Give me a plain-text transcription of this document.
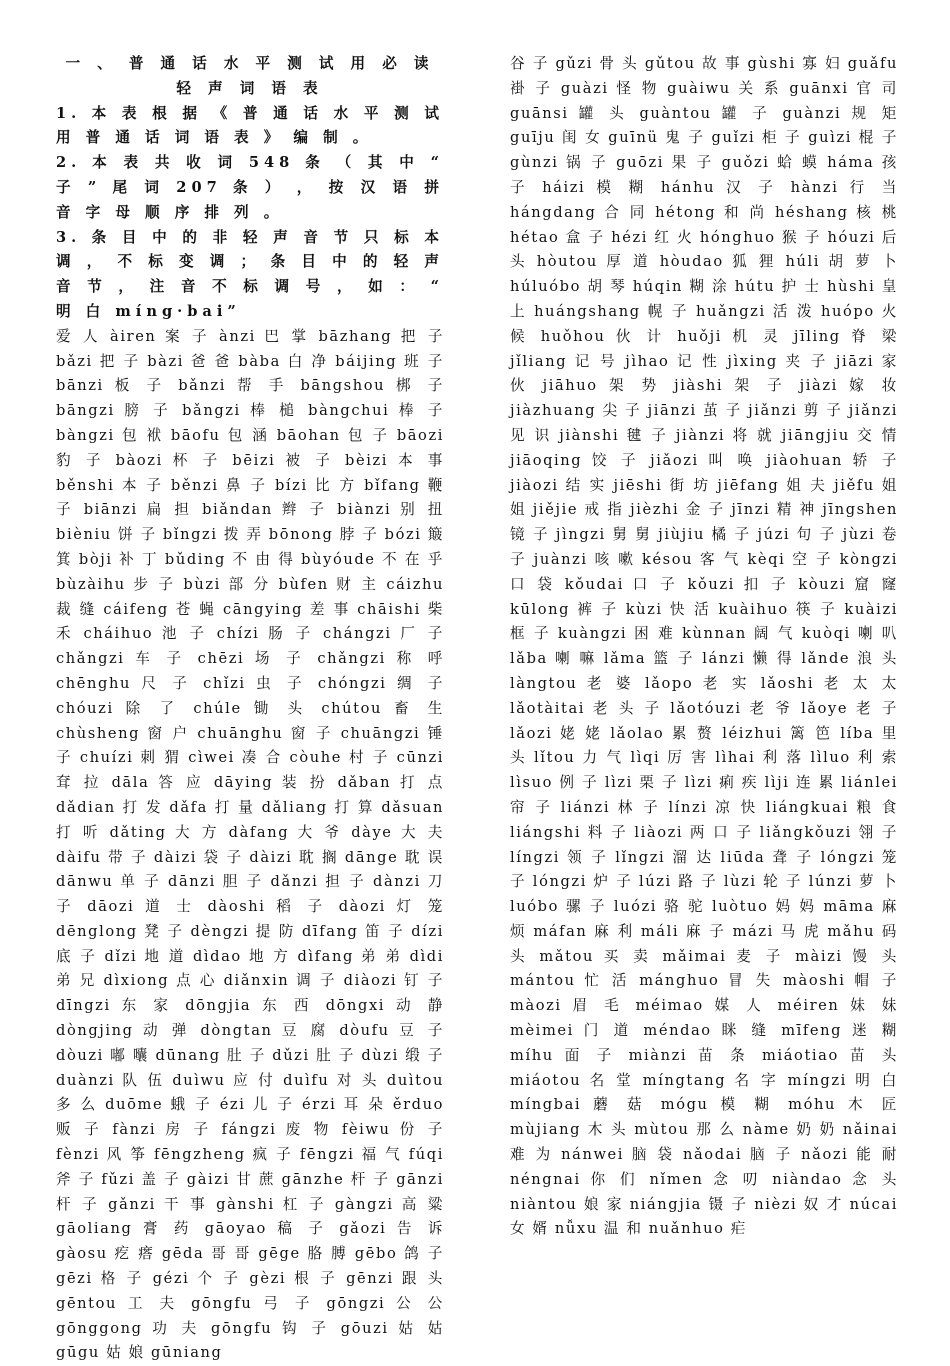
一 、 普 通 话 水 平 测 试 用 必 读 轻 声 词 语 表
1. 本 表 根 据 《 普 通 话 水 平 测 试 用 普 通 话 词 语 表 》 编 制 。
2. 本 表 共 收 词 548 条 （ 其 中 “ 子 ” 尾 词 207 条 ） ， 按 汉 语 拼 音 字 母 顺 序 排 列 。
3. 条 目 中 的 非 轻 声 音 节 只 标 本 调 ， 不 标 变 调 ； 条 目 中 的 轻 声 音 节 ， 注 音 不 标 调 号 ， 如 ： “ 明 白 míng·bai”
爱 人 àiren 案 子 ànzi 巴 掌 bāzhang 把 子 bǎzi 把 子 bàzi 爸 爸 bàba 白 净 báijing 班 子 bānzi 板 子 bǎnzi 帮 手 bāngshou 梆 子 bāngzi 膀 子 bǎngzi 棒 槌 bàngchui 棒 子 bàngzi 包 袱 bāofu 包 涵 bāohan 包 子 bāozi 豹 子 bàozi 杯 子 bēizi 被 子 bèizi 本 事 běnshi 本 子 běnzi 鼻 子 bízi 比 方 bǐfang 鞭 子 biānzi 扁 担 biǎndan 辫 子 biànzi 别 扭 bièniu 饼 子 bǐngzi 拨 弄 bōnong 脖 子 bózi 簸 箕 bòji 补 丁 bǔding 不 由 得 bùyóude 不 在 乎 bùzàihu 步 子 bùzi 部 分 bùfen 财 主 cáizhu 裁 缝 cáifeng 苍 蝇 cāngying 差 事 chāishi 柴 禾 cháihuo 池 子 chízi 肠 子 chángzi 厂 子 chǎngzi 车 子 chēzi 场 子 chǎngzi 称 呼 chēnghu 尺 子 chǐzi 虫 子 chóngzi 绸 子 chóuzi 除 了 chúle 锄 头 chútou 畜 生 chùsheng 窗 户 chuānghu 窗 子 chuāngzi 锤 子 chuízi 刺 猬 cìwei 凑 合 còuhe 村 子 cūnzi 耷 拉 dāla 答 应 dāying 装 扮 dǎban 打 点 dǎdian 打 发 dǎfa 打 量 dǎliang 打 算 dǎsuan 打 听 dǎting 大 方 dàfang 大 爷 dàye 大 夫 dàifu 带 子 dàizi 袋 子 dàizi 耽 搁 dānge 耽 误 dānwu 单 子 dānzi 胆 子 dǎnzi 担 子 dànzi 刀 子 dāozi 道 士 dàoshi 稻 子 dàozi 灯 笼 dēnglong 凳 子 dèngzi 提 防 dīfang 笛 子 dízi 底 子 dǐzi 地 道 dìdao 地 方 dìfang 弟 弟 dìdi 弟 兄 dìxiong 点 心 diǎnxin 调 子 diàozi 钉 子 dīngzi 东 家 dōngjia 东 西 dōngxi 动 静 dòngjing 动 弹 dòngtan 豆 腐 dòufu 豆 子 dòuzi 嘟 囔 dūnang 肚 子 dǔzi 肚 子 dùzi 缎 子 duànzi 队 伍 duìwu 应 付 duìfu 对 头 duìtou 多 么 duōme 蛾 子 ézi 儿 子 érzi 耳 朵 ěrduo 贩 子 fànzi 房 子 fángzi 废 物 fèiwu 份 子 fènzi 风 筝 fēngzheng 疯 子 fēngzi 福 气 fúqi 斧 子 fǔzi 盖 子 gàizi 甘 蔗 gānzhe 杆 子 gānzi 杆 子 gǎnzi 干 事 gànshi 杠 子 gàngzi 高 粱 gāoliang 膏 药 gāoyao 稿 子 gǎozi 告 诉 gàosu 疙 瘩 gēda 哥 哥 gēge 胳 膊 gēbo 鸽 子 gēzi 格 子 gézi 个 子 gèzi 根 子 gēnzi 跟 头 gēntou 工 夫 gōngfu 弓 子 gōngzi 公 公 gōnggong 功 夫 gōngfu 钩 子 gōuzi 姑 姑 gūgu 姑 娘 gūniang
谷 子 gǔzi 骨 头 gǔtou 故 事 gùshi 寡 妇 guǎfu 褂 子 guàzi 怪 物 guàiwu 关 系 guānxi 官 司 guānsi 罐 头 guàntou 罐 子 guànzi 规 矩 guīju 闺 女 guīnü 鬼 子 guǐzi 柜 子 guìzi 棍 子 gùnzi 锅 子 guōzi 果 子 guǒzi 蛤 蟆 háma 孩 子 háizi 模 糊 hánhu 汉 子 hànzi 行 当 hángdang 合 同 hétong 和 尚 héshang 核 桃 hétao 盒 子 hézi 红 火 hónghuo 猴 子 hóuzi 后 头 hòutou 厚 道 hòudao 狐 狸 húli 胡 萝 卜 húluóbo 胡 琴 húqin 糊 涂 hútu 护 士 hùshi 皇 上 huángshang 幌 子 huǎngzi 活 泼 huópo 火 候 huǒhou 伙 计 huǒji 机 灵 jīling 脊 梁 jǐliang 记 号 jìhao 记 性 jìxing 夹 子 jiāzi 家 伙 jiāhuo 架 势 jiàshi 架 子 jiàzi 嫁 妆 jiàzhuang 尖 子 jiānzi 茧 子 jiǎnzi 剪 子 jiǎnzi 见 识 jiànshi 毽 子 jiànzi 将 就 jiāngjiu 交 情 jiāoqing 饺 子 jiǎozi 叫 唤 jiàohuan 轿 子 jiàozi 结 实 jiēshi 街 坊 jiēfang 姐 夫 jiěfu 姐 姐 jiějie 戒 指 jièzhi 金 子 jīnzi 精 神 jīngshen 镜 子 jìngzi 舅 舅 jiùjiu 橘 子 júzi 句 子 jùzi 卷 子 juànzi 咳 嗽 késou 客 气 kèqi 空 子 kòngzi 口 袋 kǒudai 口 子 kǒuzi 扣 子 kòuzi 窟 窿 kūlong 裤 子 kùzi 快 活 kuàihuo 筷 子 kuàizi 框 子 kuàngzi 困 难 kùnnan 阔 气 kuòqi 喇 叭 lǎba 喇 嘛 lǎma 篮 子 lánzi 懒 得 lǎnde 浪 头 làngtou 老 婆 lǎopo 老 实 lǎoshi 老 太 太 lǎotàitai 老 头 子 lǎotóuzi 老 爷 lǎoye 老 子 lǎozi 姥 姥 lǎolao 累 赘 léizhui 篱 笆 líba 里 头 lǐtou 力 气 lìqi 厉 害 lìhai 利 落 lìluo 利 索 lìsuo 例 子 lìzi 栗 子 lìzi 痢 疾 lìji 连 累 liánlei 帘 子 liánzi 林 子 línzi 凉 快 liángkuai 粮 食 liángshi 料 子 liàozi 两 口 子 liǎngkǒuzi 翎 子 língzi 领 子 lǐngzi 溜 达 liūda 聋 子 lóngzi 笼 子 lóngzi 炉 子 lúzi 路 子 lùzi 轮 子 lúnzi 萝 卜 luóbo 骡 子 luózi 骆 驼 luòtuo 妈 妈 māma 麻 烦 máfan 麻 利 máli 麻 子 mázi 马 虎 mǎhu 码 头 mǎtou 买 卖 mǎimai 麦 子 màizi 馒 头 mántou 忙 活 mánghuo 冒 失 màoshi 帽 子 màozi 眉 毛 méimao 媒 人 méiren 妹 妹 mèimei 门 道 méndao 眯 缝 mīfeng 迷 糊 míhu 面 子 miànzi 苗 条 miáotiao 苗 头 miáotou 名 堂 míngtang 名 字 míngzi 明 白 míngbai 蘑 菇 mógu 模 糊 móhu 木 匠 mùjiang 木 头 mùtou 那 么 nàme 奶 奶 nǎinai 难 为 nánwei 脑 袋 nǎodai 脑 子 nǎozi 能 耐 néngnai 你 们 nǐmen 念 叨 niàndao 念 头 niàntou 娘 家 niángjia 镊 子 nièzi 奴 才 núcai 女 婿 nǚxu 温 和 nuǎnhuo 疟
